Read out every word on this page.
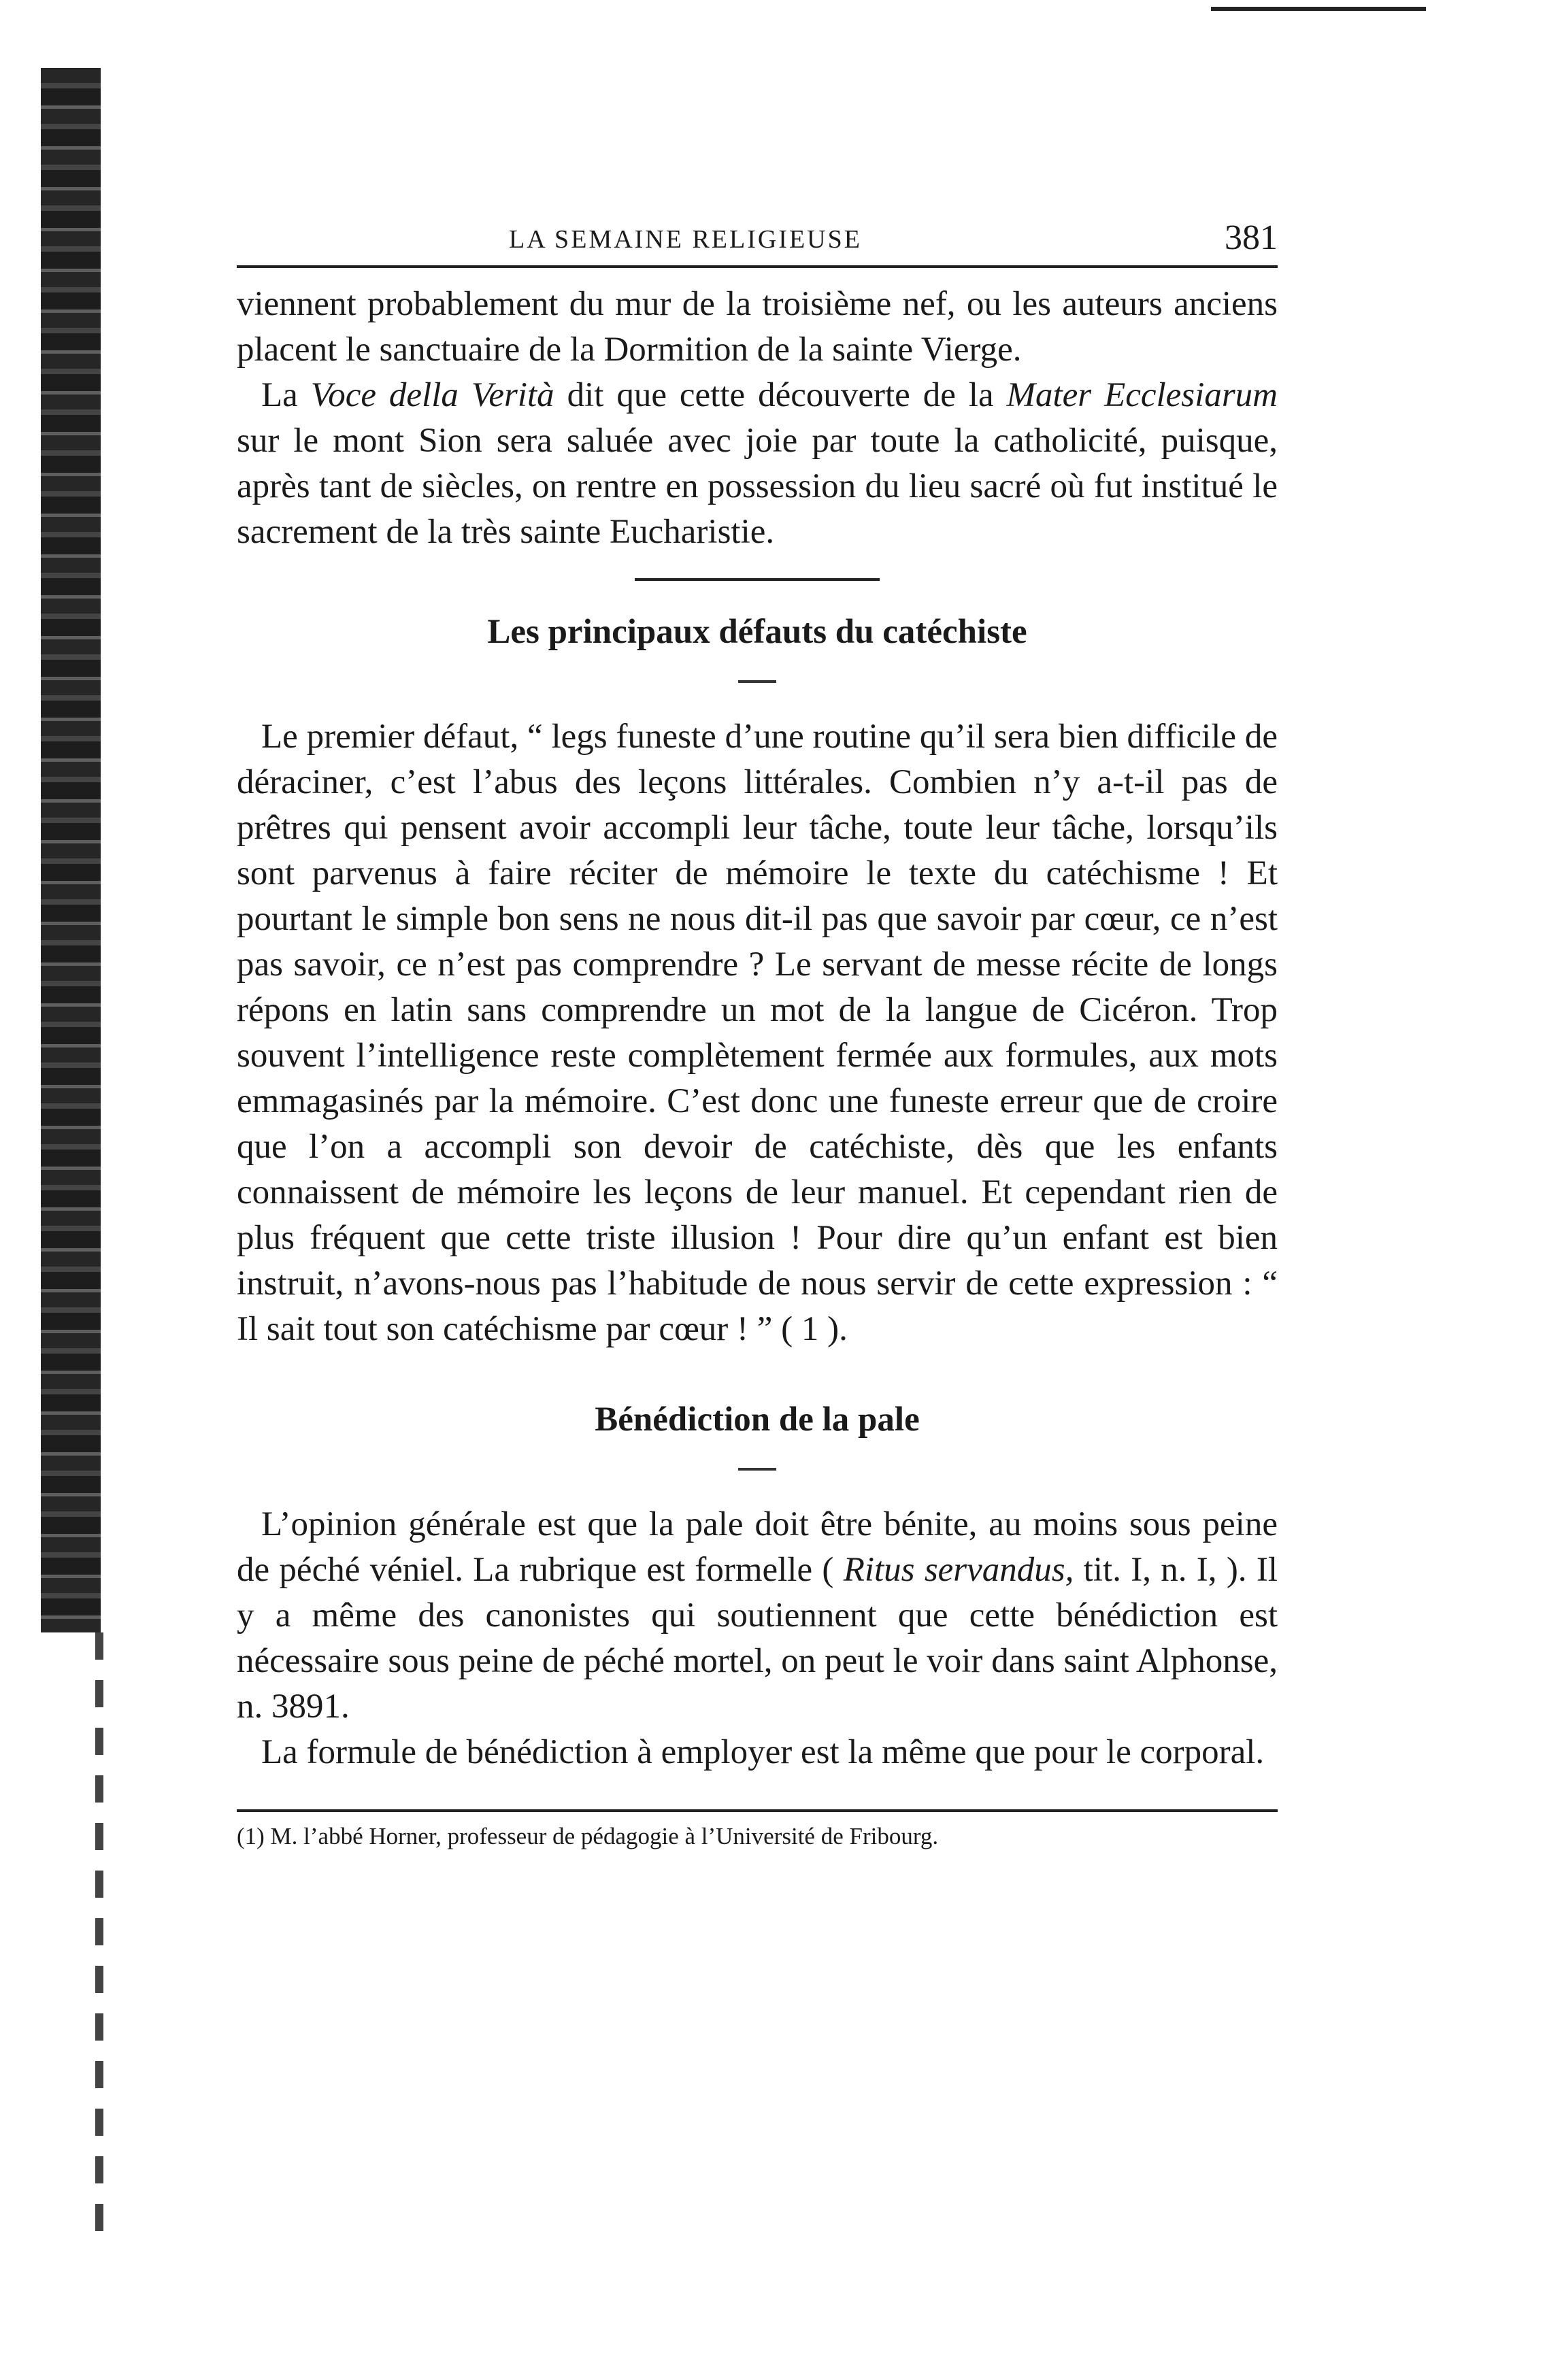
LA SEMAINE RELIGIEUSE	381

viennent probablement du mur de la troisième nef, ou les auteurs anciens placent le sanctuaire de la Dormition de la sainte Vierge.

La Voce della Verità dit que cette découverte de la Mater Ecclesiarum sur le mont Sion sera saluée avec joie par toute la catholicité, puisque, après tant de siècles, on rentre en possession du lieu sacré où fut institué le sacrement de la très sainte Eucharistie.

Les principaux défauts du catéchiste

Le premier défaut, “ legs funeste d’une routine qu’il sera bien difficile de déraciner, c’est l’abus des leçons littérales. Combien n’y a-t-il pas de prêtres qui pensent avoir accompli leur tâche, toute leur tâche, lorsqu’ils sont parvenus à faire réciter de mémoire le texte du catéchisme ! Et pourtant le simple bon sens ne nous dit-il pas que savoir par cœur, ce n’est pas savoir, ce n’est pas comprendre ? Le servant de messe récite de longs répons en latin sans comprendre un mot de la langue de Cicéron. Trop souvent l’intelligence reste complètement fermée aux formules, aux mots emmagasinés par la mémoire. C’est donc une funeste erreur que de croire que l’on a accompli son devoir de catéchiste, dès que les enfants connaissent de mémoire les leçons de leur manuel. Et cependant rien de plus fréquent que cette triste illusion ! Pour dire qu’un enfant est bien instruit, n’avons-nous pas l’habitude de nous servir de cette expression : “ Il sait tout son catéchisme par cœur ! ” ( 1 ).

Bénédiction de la pale

L’opinion générale est que la pale doit être bénite, au moins sous peine de péché véniel. La rubrique est formelle ( Ritus servandus, tit. I, n. I, ). Il y a même des canonistes qui soutiennent que cette bénédiction est nécessaire sous peine de péché mortel, on peut le voir dans saint Alphonse, n. 3891.

La formule de bénédiction à employer est la même que pour le corporal.

(1) M. l’abbé Horner, professeur de pédagogie à l’Université de Fribourg.
